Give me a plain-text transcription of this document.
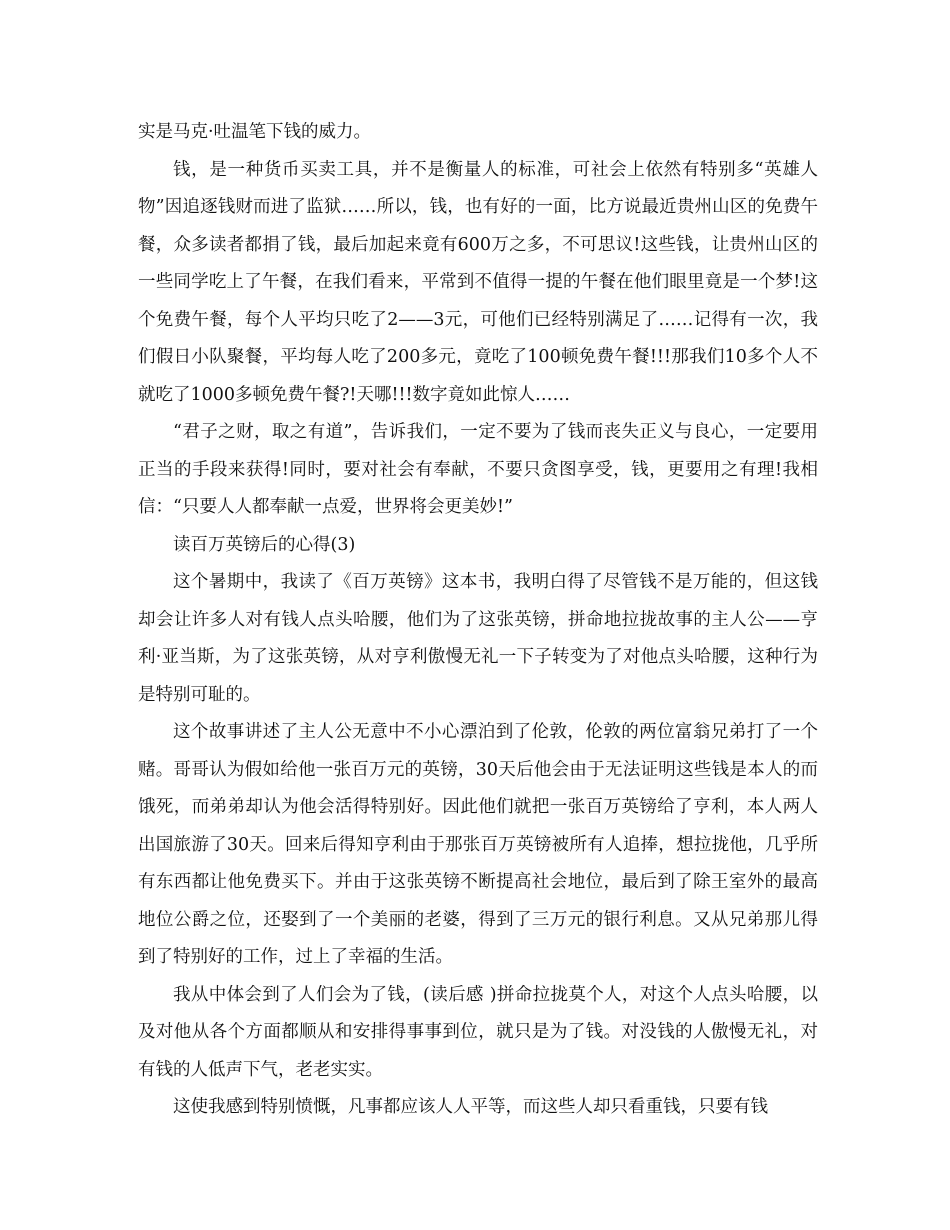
实是马克·吐温笔下钱的威力。

钱，是一种货币买卖工具，并不是衡量人的标准，可社会上依然有特别多“英雄人物”因追逐钱财而进了监狱……所以，钱，也有好的一面，比方说最近贵州山区的免费午餐，众多读者都捐了钱，最后加起来竟有600万之多，不可思议!这些钱，让贵州山区的一些同学吃上了午餐，在我们看来，平常到不值得一提的午餐在他们眼里竟是一个梦!这个免费午餐，每个人平均只吃了2——3元，可他们已经特别满足了……记得有一次，我们假日小队聚餐，平均每人吃了200多元，竟吃了100顿免费午餐!!!那我们10多个人不就吃了1000多顿免费午餐?!天哪!!!数字竟如此惊人……

“君子之财，取之有道”，告诉我们，一定不要为了钱而丧失正义与良心，一定要用正当的手段来获得!同时，要对社会有奉献，不要只贪图享受，钱，更要用之有理!我相信：“只要人人都奉献一点爱，世界将会更美妙!”

读百万英镑后的心得(3)

这个暑期中，我读了《百万英镑》这本书，我明白得了尽管钱不是万能的，但这钱却会让许多人对有钱人点头哈腰，他们为了这张英镑，拼命地拉拢故事的主人公——亨利·亚当斯，为了这张英镑，从对亨利傲慢无礼一下子转变为了对他点头哈腰，这种行为是特别可耻的。

这个故事讲述了主人公无意中不小心漂泊到了伦敦，伦敦的两位富翁兄弟打了一个赌。哥哥认为假如给他一张百万元的英镑，30天后他会由于无法证明这些钱是本人的而饿死，而弟弟却认为他会活得特别好。因此他们就把一张百万英镑给了亨利，本人两人出国旅游了30天。回来后得知亨利由于那张百万英镑被所有人追捧，想拉拢他，几乎所有东西都让他免费买下。并由于这张英镑不断提高社会地位，最后到了除王室外的最高地位公爵之位，还娶到了一个美丽的老婆，得到了三万元的银行利息。又从兄弟那儿得到了特别好的工作，过上了幸福的生活。

我从中体会到了人们会为了钱，(读后感 )拼命拉拢莫个人，对这个人点头哈腰，以及对他从各个方面都顺从和安排得事事到位，就只是为了钱。对没钱的人傲慢无礼，对有钱的人低声下气，老老实实。

这使我感到特别愤慨，凡事都应该人人平等，而这些人却只看重钱，只要有钱
